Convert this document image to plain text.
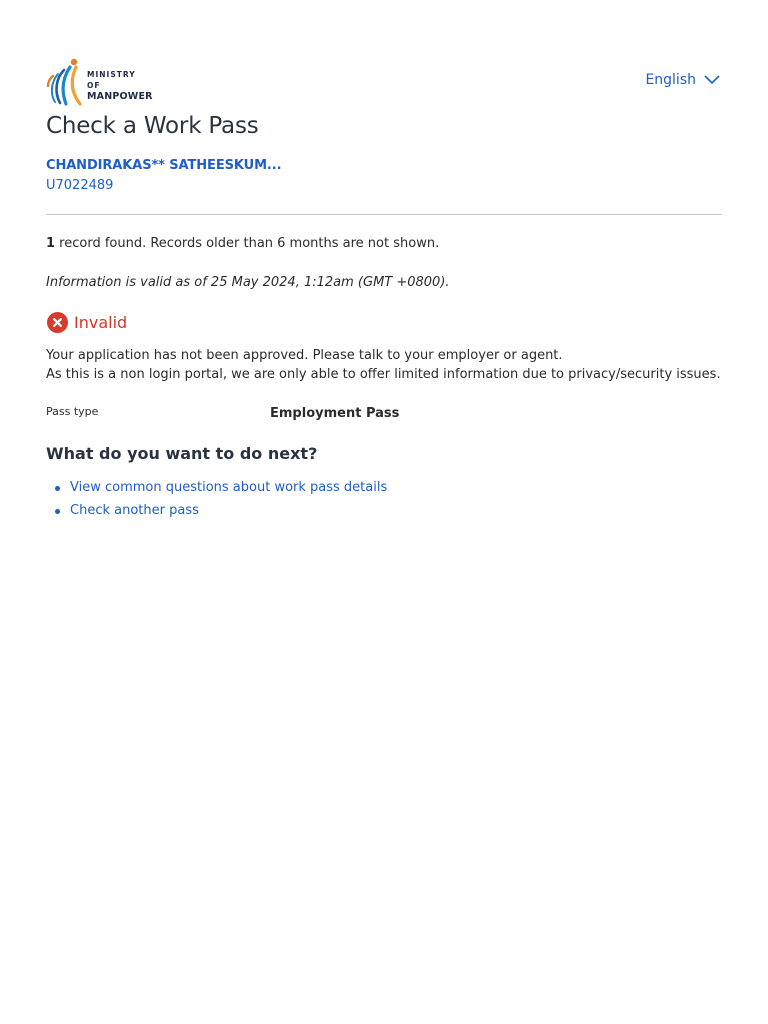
MINISTRY OF
MANPOWER
English
Check a Work Pass
CHANDIRAKAS** SATHEESKUM...
U7022489
1 record found. Records older than 6 months are not shown.
Information is valid as of 25 May 2024, 1:12am (GMT +0800).
Invalid
Your application has not been approved. Please talk to your employer or agent.
As this is a non login portal, we are only able to offer limited information due to privacy/security issues.
Pass type	Employment Pass
What do you want to do next?
View common questions about work pass details
Check another pass
